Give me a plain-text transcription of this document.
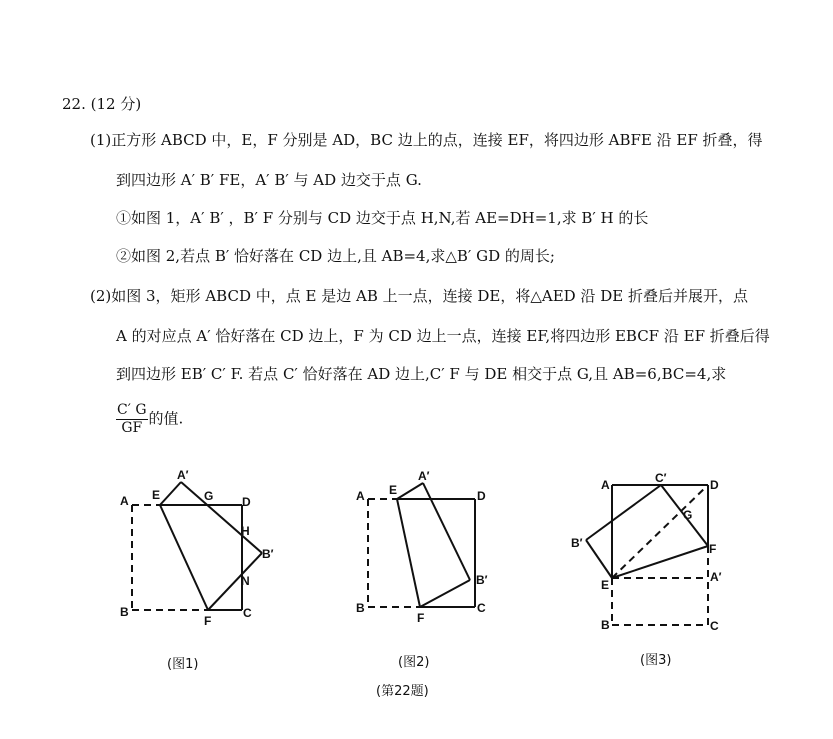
22. (12 分)
(1)正方形 ABCD 中，E，F 分别是 AD，BC 边上的点，连接 EF，将四边形 ABFE 沿 EF 折叠，得
到四边形 A′ B′ FE，A′ B′ 与 AD 边交于点 G.
①如图 1，A′ B′ ，B′ F 分别与 CD 边交于点 H,N,若 AE=DH=1,求 B′ H 的长
②如图 2,若点 B′ 恰好落在 CD 边上,且 AB=4,求△B′ GD 的周长;
(2)如图 3，矩形 ABCD 中，点 E 是边 AB 上一点，连接 DE，将△AED 沿 DE 折叠后并展开，点
A 的对应点 A′ 恰好落在 CD 边上，F 为 CD 边上一点，连接 EF,将四边形 EBCF 沿 EF 折叠后得
到四边形 EB′ C′ F. 若点 C′ 恰好落在 AD 边上,C′ F 与 DE 相交于点 G,且 AB=6,BC=4,求
$\frac{C' G}{GF}$ 的值.
A
A′
E	G D
H
B′
N
B
F
C
A E
A′
D
B′
B
F
C
A	C′	D
G
B′	F
E
A′
B	C
(图1)	(图2)	(图3)
(第22题)
